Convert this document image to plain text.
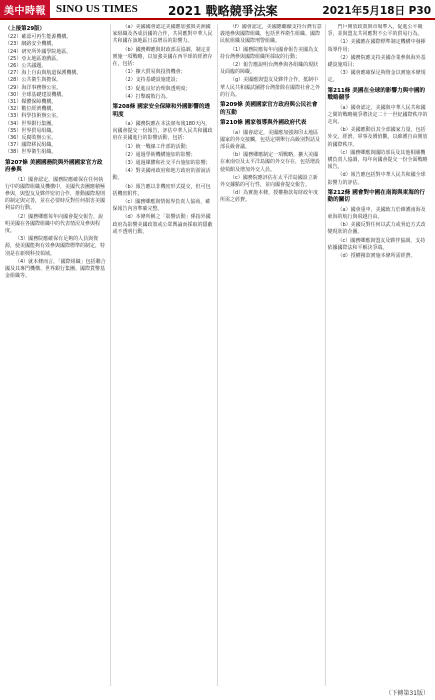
美中時報 SINO US TIMES	2021 戰略競爭法案	2021年5月18日 P30
（上接第29版）
（22）確認可再生能源機構。
（23）網路安全機構。
（24）研究所外國學院地區。
（25）亞太地區遊戲區。
（26）公共議題。
（27）海上自由與航道保護機構。
（28）公共衛生與擔保。
（29）海洋事務辦公室。
（30）全球基礎建設機構。
（31）媒體保障機構。
（32）數位經濟機構。
（33）科學技術辦公室。
（34）世界銀行集團。
（35）世界貿易組織。
（36）反腐敗辦公室。
（37）國際移民組織。
（38）世界衛生組織。
第207條 美國國務院與外國國家官方政府參與

（1）國會認定，國務院應確保在任何執行中的國際組織及機構中，美國代表團應積極參與，與盟友及夥伴密切合作，推動國際規則的制定與完善，並在必要時反對任何損害美國利益的行動。

（2）國務卿應每年向國會提交報告，說明美國在各國際組織中的代表情況及參與程度。

（3）國務院應確保有足夠的人員與資源，使美國能夠有效參與國際標準的制定，特別是在新興科技領域。

（4）就本條而言，「國際組織」包括聯合國及其專門機構、世界銀行集團、國際貨幣基金組織等。

（a）美國國會認定美國應加強與美洲國家組織及各成員國的合作，共同應對中華人民共和國在該地區日益增長的影響力。

（b）國務卿應與財政部長協調，制定並實施一項戰略，以加強美國在西半球的經濟存在，包括：

（1）擴大貿易與投資機會；

（2）支持基礎設施建設；

（3）促進良好治理與透明度；

（4）打擊腐敗行為。

第208條 國家安全保障和外國影響的透明度

（a）國務院應在本法頒布後180天內，向國會提交一份報告，評估中華人民共和國政府在美國進行的影響活動，包括：

（1）統一戰線工作部的活動；

（2）通過學術機構施加的影響；

（3）通過媒體和社交平台施加的影響；

（4）對美國州政府和地方政府的游說活動。

（b）報告應以非機密形式提交，但可包括機密附件。

（c）國務卿應與情報界負責人協商，確保報告內容準確完整。

（d）本條所稱之「影響活動」係指外國政府為影響美國政策或公眾輿論而採取的隱蔽或不透明行動。

（f）國會認定，美國應繼續支持台灣有意義地參與國際組織，包括世界衛生組織、國際民航組織及國際刑警組織。

（1）國務院應每年向國會報告美國為支持台灣參與國際組織所採取的行動；

（2）報告應說明台灣參與各組織的現狀及面臨的障礙。

（g）美國應與盟友及夥伴合作，抵制中華人民共和國試圖將台灣排除在國際社會之外的行為。

第209條 美國國家官方政府與公民社會的互動
第210條 國家領導與外國政府代表

（a）國會認定，美國應加強與印太地區國家的外交接觸，包括定期舉行高級別對話及部長級會議。

（b）國務卿應制定一項戰略，擴大美國在東南亞及太平洋島國的外交存在，包括增設使領館及增加外交人員。

（c）國務院應評估在太平洋島國設立新外交據點的可行性，並向國會提交報告。

（d）為實施本條，授權撥款每財政年度所需之經費。

門戶開放政策與市場準入，促進公平競爭，並與盟友共同應對不公平的貿易行為。

（1）美國應在國際標準制定機構中發揮領導作用；

（2）國務院應支持美國企業參與海外基礎設施項目；

（3）國會應確保足夠資金以實施本條規定。

第211條 美國在全球的影響力與中國的戰略競爭

（a）國會認定，美國與中華人民共和國之間的戰略競爭將決定二十一世紀國際秩序的走向。

（b）美國應動員其全部國家力量，包括外交、經濟、軍事及價值觀，以維護自由開放的國際秩序。

（c）國務卿應與國防部長及其他相關機構負責人協調，每年向國會提交一份全面戰略報告。

（d）報告應包括對中華人民共和國全球影響力的評估。

第212條 國會對中國在南海與東海的行動的關切

（a）國會重申，美國致力於維護南海及東海的航行與飛越自由。

（b）美國反對任何以武力或脅迫方式改變現狀的企圖。

（c）國務卿應與盟友及夥伴協調，支持依據國際法和平解決爭端。

（d）授權撥款實施本條所需經費。

（下轉第31版）
